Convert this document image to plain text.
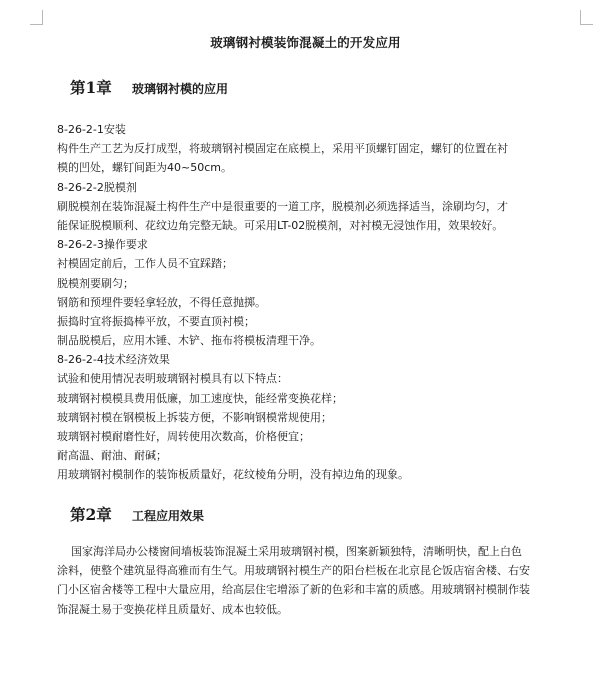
玻璃钢衬模装饰混凝土的开发应用
第1章 玻璃钢衬模的应用
8-26-2-1安装
构件生产工艺为反打成型，将玻璃钢衬模固定在底模上，采用平顶螺钉固定，螺钉的位置在衬
模的凹处，螺钉间距为40~50cm。
8-26-2-2脱模剂
刷脱模剂在装饰混凝土构件生产中是很重要的一道工序，脱模剂必须选择适当，涂刷均匀，才
能保证脱模顺利、花纹边角完整无缺。可采用LT-02脱模剂，对衬模无浸蚀作用，效果较好。
8-26-2-3操作要求
衬模固定前后，工作人员不宜踩踏；
脱模剂要刷匀；
钢筋和预埋件要轻拿轻放，不得任意抛掷。
振捣时宜将振捣棒平放，不要直顶衬模；
制品脱模后，应用木锤、木铲、拖布将模板清理干净。
8-26-2-4技术经济效果
试验和使用情况表明玻璃钢衬模具有以下特点：
玻璃钢衬模模具费用低廉，加工速度快，能经常变换花样；
玻璃钢衬模在钢模板上拆装方便，不影响钢模常规使用；
玻璃钢衬模耐磨性好，周转使用次数高，价格便宜；
耐高温、耐油、耐碱；
用玻璃钢衬模制作的装饰板质量好，花纹棱角分明，没有掉边角的现象。
第2章 工程应用效果
国家海洋局办公楼窗间墙板装饰混凝土采用玻璃钢衬模，图案新颖独特，清晰明快，配上白色
涂料，使整个建筑显得高雅而有生气。用玻璃钢衬模生产的阳台栏板在北京昆仑饭店宿舍楼、右安
门小区宿舍楼等工程中大量应用，给高层住宅增添了新的色彩和丰富的质感。用玻璃钢衬模制作装
饰混凝土易于变换花样且质量好、成本也较低。
